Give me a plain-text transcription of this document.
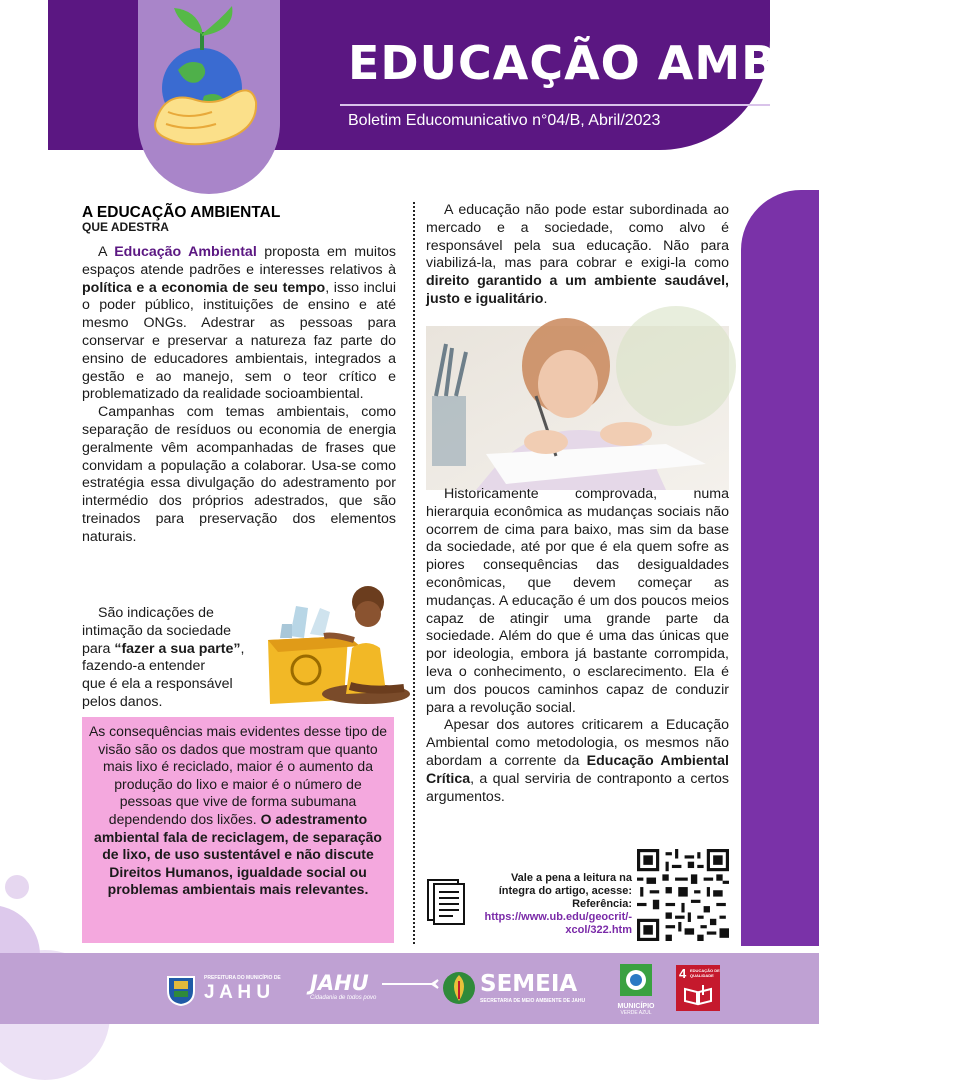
EDUCAÇÃO AMBIENTAL
Boletim Educomunicativo n°04/B, Abril/2023
A EDUCAÇÃO AMBIENTAL
QUE ADESTRA

A Educação Ambiental proposta em muitos espaços atende padrões e interesses relativos à política e a economia de seu tempo, isso inclui o poder público, instituições de ensino e até mesmo ONGs. Adestrar as pessoas para conservar e preservar a natureza faz parte do ensino de educadores ambientais, integrados a gestão e ao manejo, sem o teor crítico e problematizado da realidade socioambiental.

Campanhas com temas ambientais, como separação de resíduos ou economia de energia geralmente vêm acompanhadas de frases que convidam a população a colaborar. Usa-se como estratégia essa divulgação do adestramento por intermédio dos próprios adestrados, que são treinados para preservação dos elementos naturais.

São indicações de
intimação da sociedade
para “fazer a sua parte”,
fazendo-a entender
que é ela a responsável
pelos danos.
As consequências mais evidentes desse tipo de visão são os dados que mostram que quanto mais lixo é reciclado, maior é o aumento da produção do lixo e maior é o número de pessoas que vive de forma subumana dependendo dos lixões. O adestramento ambiental fala de reciclagem, de separação de lixo, de uso sustentável e não discute Direitos Humanos, igualdade social ou problemas ambientais mais relevantes.

A educação não pode estar subordinada ao mercado e a sociedade, como alvo é responsável pela sua educação. Não para viabilizá-la, mas para cobrar e exigi-la como direito garantido a um ambiente saudável, justo e igualitário.

Historicamente comprovada, numa hierarquia econômica as mudanças sociais não ocorrem de cima para baixo, mas sim da base da sociedade, até por que é ela quem sofre as piores consequências das desigualdades econômicas, que devem começar as mudanças. A educação é um dos poucos meios capaz de atingir uma grande parte da sociedade. Além do que é uma das únicas que por ideologia, embora já bastante corrompida, leva o conhecimento, o esclarecimento. Ela é um dos poucos caminhos capaz de conduzir para a revolução social.

Apesar dos autores criticarem a Educação Ambiental como metodologia, os mesmos não abordam a corrente da Educação Ambiental Crítica, a qual serviria de contraponto a certos argumentos.

Vale a pena a leitura na
íntegra do artigo, acesse:
Referência:
https://www.ub.edu/geocrit/-
xcol/322.htm
PREFEITURA DO MUNICÍPIO DE
J A H U JAHU
Cidadania de todos povo
SEMEIA
SECRETARIA DE MEIO AMBIENTE DE JAHU
MUNICÍPIO
VERDE AZUL
4 EDUCAÇÃO DE QUALIDADE
